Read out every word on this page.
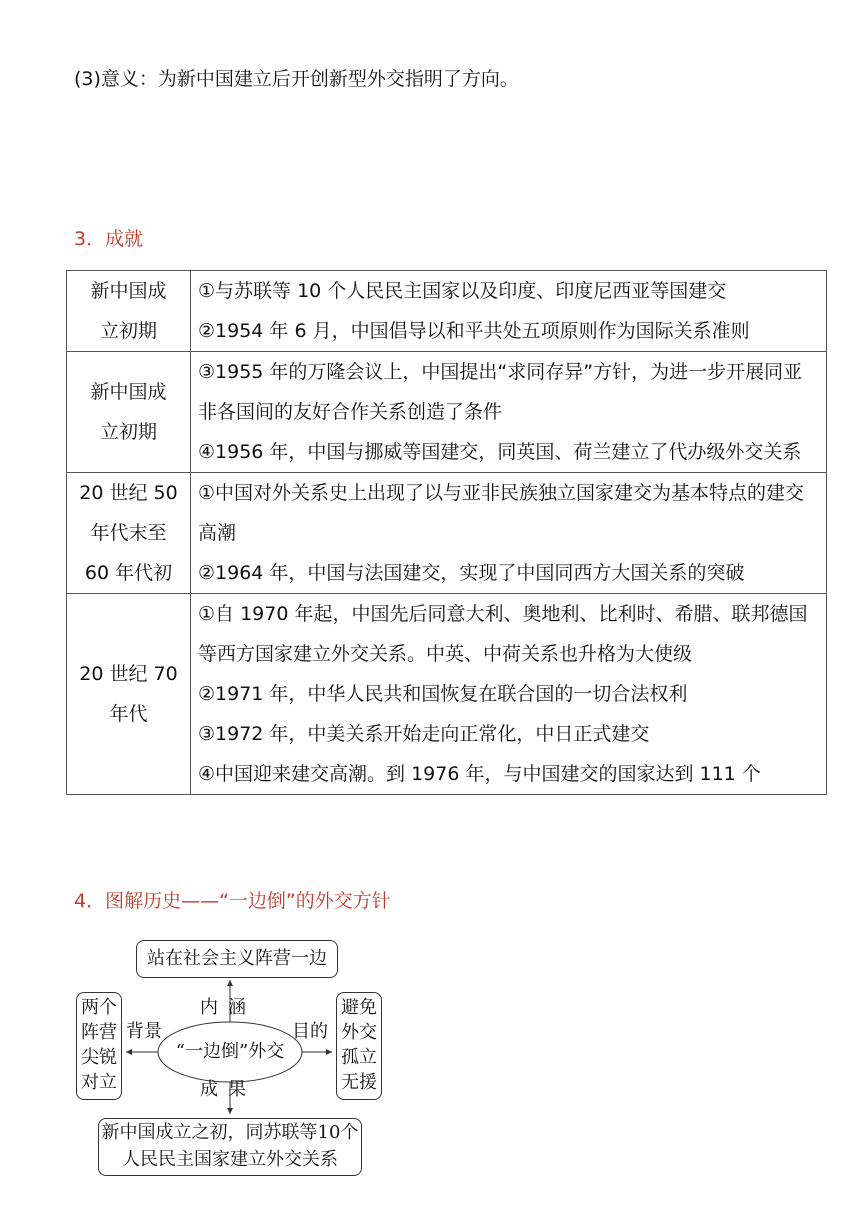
(3)意义：为新中国建立后开创新型外交指明了方向。
3．成就
新中国成立初期	①与苏联等 10 个人民民主国家以及印度、印度尼西亚等国建交
②1954 年 6 月，中国倡导以和平共处五项原则作为国际关系准则

新中国成立初期	③1955 年的万隆会议上，中国提出“求同存异”方针，为进一步开展同亚非各国间的友好合作关系创造了条件
④1956 年，中国与挪威等国建交，同英国、荷兰建立了代办级外交关系

20 世纪 50 年代末至 60 年代初	①中国对外关系史上出现了以与亚非民族独立国家建交为基本特点的建交高潮
②1964 年，中国与法国建交，实现了中国同西方大国关系的突破

20 世纪 70 年代	①自 1970 年起，中国先后同意大利、奥地利、比利时、希腊、联邦德国等西方国家建立外交关系。中英、中荷关系也升格为大使级
②1971 年，中华人民共和国恢复在联合国的一切合法权利
③1972 年，中美关系开始走向正常化，中日正式建交
④中国迎来建交高潮。到 1976 年，与中国建交的国家达到 111 个
4．图解历史——“一边倒”的外交方针
站在社会主义阵营一边
两个阵营尖锐对立
避免外交孤立无援
新中国成立之初，同苏联等10个人民民主国家建立外交关系
内涵
背景	目的
成果
“一边倒”外交
